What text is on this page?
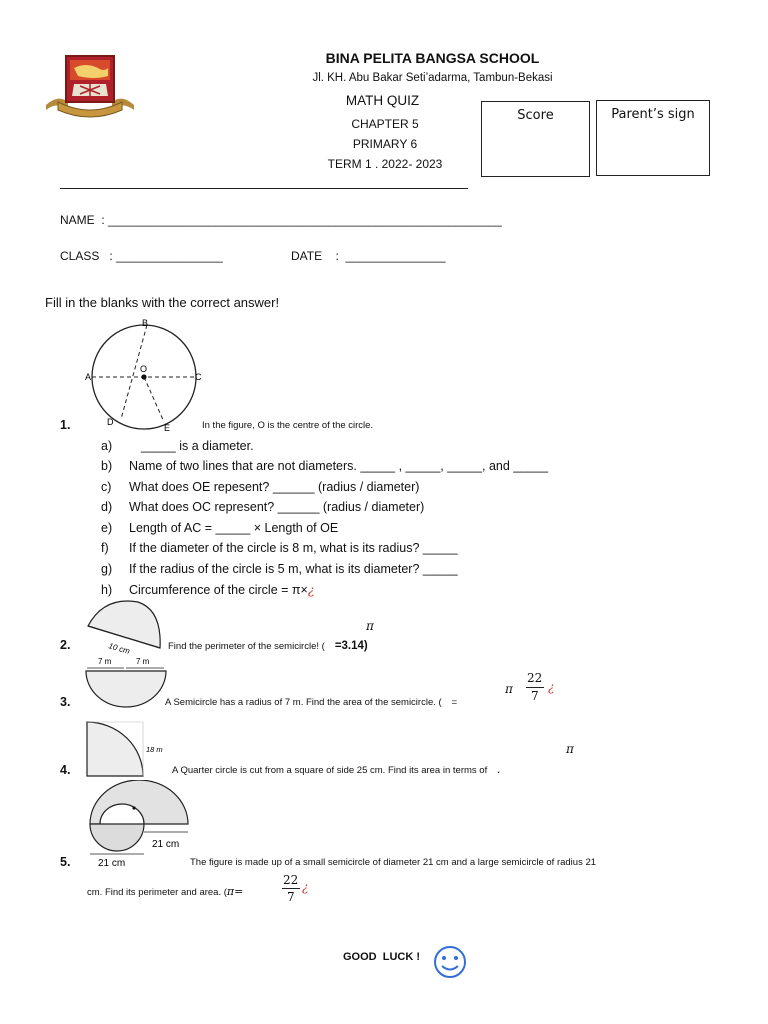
BINA PELITA BANGSA SCHOOL
Jl. KH. Abu Bakar Seti’adarma, Tambun-Bekasi
MATH QUIZ
CHAPTER 5
PRIMARY 6
TERM 1 . 2022- 2023
Score	Parent’s sign
NAME  : ___________________________________________________________
CLASS   : ________________	DATE    :  _______________
Fill in the blanks with the correct answer!
B
A	C
O
D
E
1.	In the figure, O is the centre of the circle.
a) _____ is a diameter.
b) Name of two lines that are not diameters. _____ , _____, _____, and _____
c) What does OE repesent? ______ (radius / diameter)
d) What does OC represent? ______ (radius / diameter)
e) Length of AC = _____ × Length of OE
f) If the diameter of the circle is 8 m, what is its radius? _____
g) If the radius of the circle is 5 m, what is its diameter? _____
h) Circumference of the circle = π×¿
10 cm
π
2.	Find the perimeter of the semicircle! ( =3.14)
7 m	7 m
π
22
7
¿
3.	A Semicircle has a radius of 7 m. Find the area of the semicircle. ( =
18 m	π
4.	A Quarter circle is cut from a square of side 25 cm. Find its area in terms of .
21 cm
21 cm
5.	The figure is made up of a small semicircle of diameter 21 cm and a large semicircle of radius 21
cm. Find its perimeter and area. (π=
22
7
¿
GOOD  LUCK !
